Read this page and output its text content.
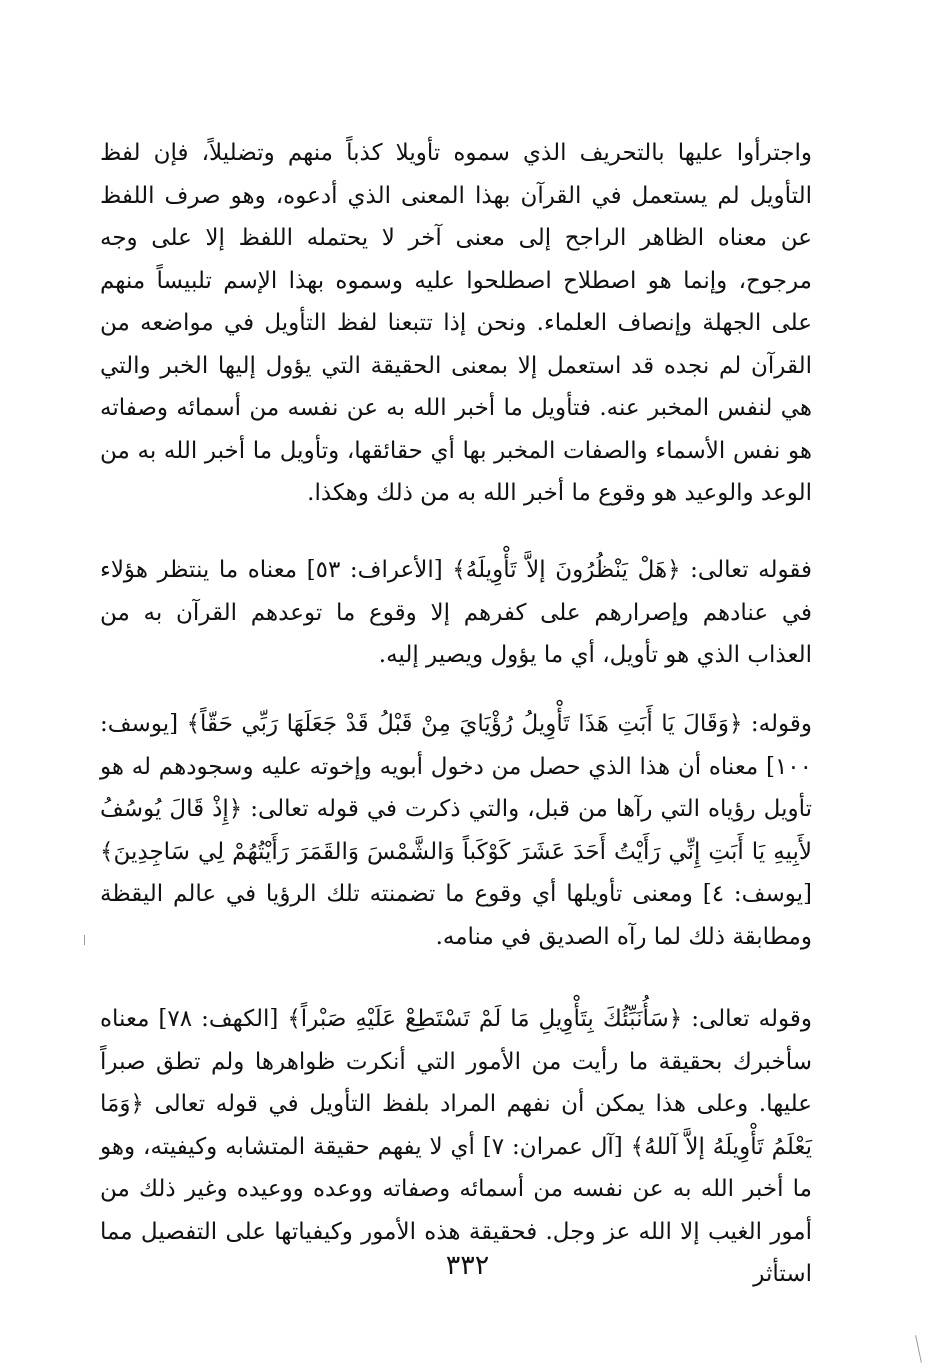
واجترأوا عليها بالتحريف الذي سموه تأويلا كذباً منهم وتضليلاً، فإن لفظ التأويل لم يستعمل في القرآن بهذا المعنى الذي أدعوه، وهو صرف اللفظ عن معناه الظاهر الراجح إلى معنى آخر لا يحتمله اللفظ إلا على وجه مرجوح، وإنما هو اصطلاح اصطلحوا عليه وسموه بهذا الإسم تلبيساً منهم على الجهلة وإنصاف العلماء. ونحن إذا تتبعنا لفظ التأويل في مواضعه من القرآن لم نجده قد استعمل إلا بمعنى الحقيقة التي يؤول إليها الخبر والتي هي لنفس المخبر عنه. فتأويل ما أخبر الله به عن نفسه من أسمائه وصفاته هو نفس الأسماء والصفات المخبر بها أي حقائقها، وتأويل ما أخبر الله به من الوعد والوعيد هو وقوع ما أخبر الله به من ذلك وهكذا.

فقوله تعالى: ﴿هَلْ يَنْظُرُونَ إلاَّ تَأْوِيلَهُ﴾ [الأعراف: ٥٣] معناه ما ينتظر هؤلاء في عنادهم وإصرارهم على كفرهم إلا وقوع ما توعدهم القرآن به من العذاب الذي هو تأويل، أي ما يؤول ويصير إليه.

وقوله: ﴿وَقَالَ يَا أَبَتِ هَذَا تَأْوِيلُ رُؤْيَايَ مِنْ قَبْلُ قَدْ جَعَلَهَا رَبِّي حَقّاً﴾ [يوسف: ١٠٠] معناه أن هذا الذي حصل من دخول أبويه وإخوته عليه وسجودهم له هو تأويل رؤياه التي رآها من قبل، والتي ذكرت في قوله تعالى: ﴿إِذْ قَالَ يُوسُفُ لأَبِيهِ يَا أَبَتِ إِنِّي رَأَيْتُ أَحَدَ عَشَرَ كَوْكَباً وَالشَّمْسَ وَالقَمَرَ رَأَيْتُهُمْ لِي سَاجِدِينَ﴾ [يوسف: ٤] ومعنى تأويلها أي وقوع ما تضمنته تلك الرؤيا في عالم اليقظة ومطابقة ذلك لما رآه الصديق في منامه.

وقوله تعالى: ﴿سَأُنَبِّئُكَ بِتَأْوِيلِ مَا لَمْ تَسْتَطِعْ عَلَيْهِ صَبْراً﴾ [الكهف: ٧٨] معناه سأخبرك بحقيقة ما رأيت من الأمور التي أنكرت ظواهرها ولم تطق صبراً عليها. وعلى هذا يمكن أن نفهم المراد بلفظ التأويل في قوله تعالى ﴿وَمَا يَعْلَمُ تَأْوِيلَهُ إلاَّ آللهُ﴾ [آل عمران: ٧] أي لا يفهم حقيقة المتشابه وكيفيته، وهو ما أخبر الله به عن نفسه من أسمائه وصفاته ووعده ووعيده وغير ذلك من أمور الغيب إلا الله عز وجل. فحقيقة هذه الأمور وكيفياتها على التفصيل مما استأثر

٣٣٢
